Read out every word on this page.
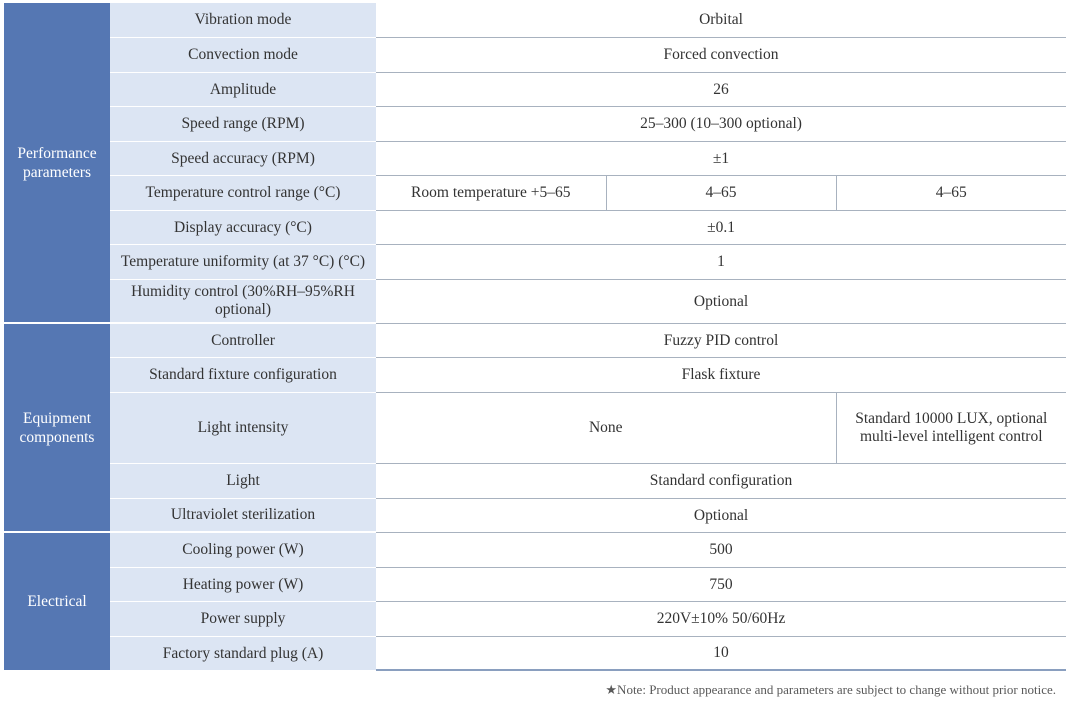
Performance parameters	Vibration mode	Orbital		
	Convection mode	Forced convection		
	Amplitude	26		
	Speed range (RPM)	25–300 (10–300 optional)		
	Speed accuracy (RPM)	±1		
	Temperature control range (°C)	Room temperature +5–65	4–65	4–65
	Display accuracy (°C)	±0.1		
	Temperature uniformity (at 37 °C) (°C)	1		
	Humidity control (30%RH–95%RH optional)	Optional		
Equipment components	Controller	Fuzzy PID control		
	Standard fixture configuration	Flask fixture		
	Light intensity	None		Standard 10000 LUX, optional multi-level intelligent control
	Light	Standard configuration		
	Ultraviolet sterilization	Optional		
Electrical	Cooling power (W)	500		
	Heating power (W)	750		
	Power supply	220V±10% 50/60Hz		
	Factory standard plug (A)	10		
★Note: Product appearance and parameters are subject to change without prior notice.
